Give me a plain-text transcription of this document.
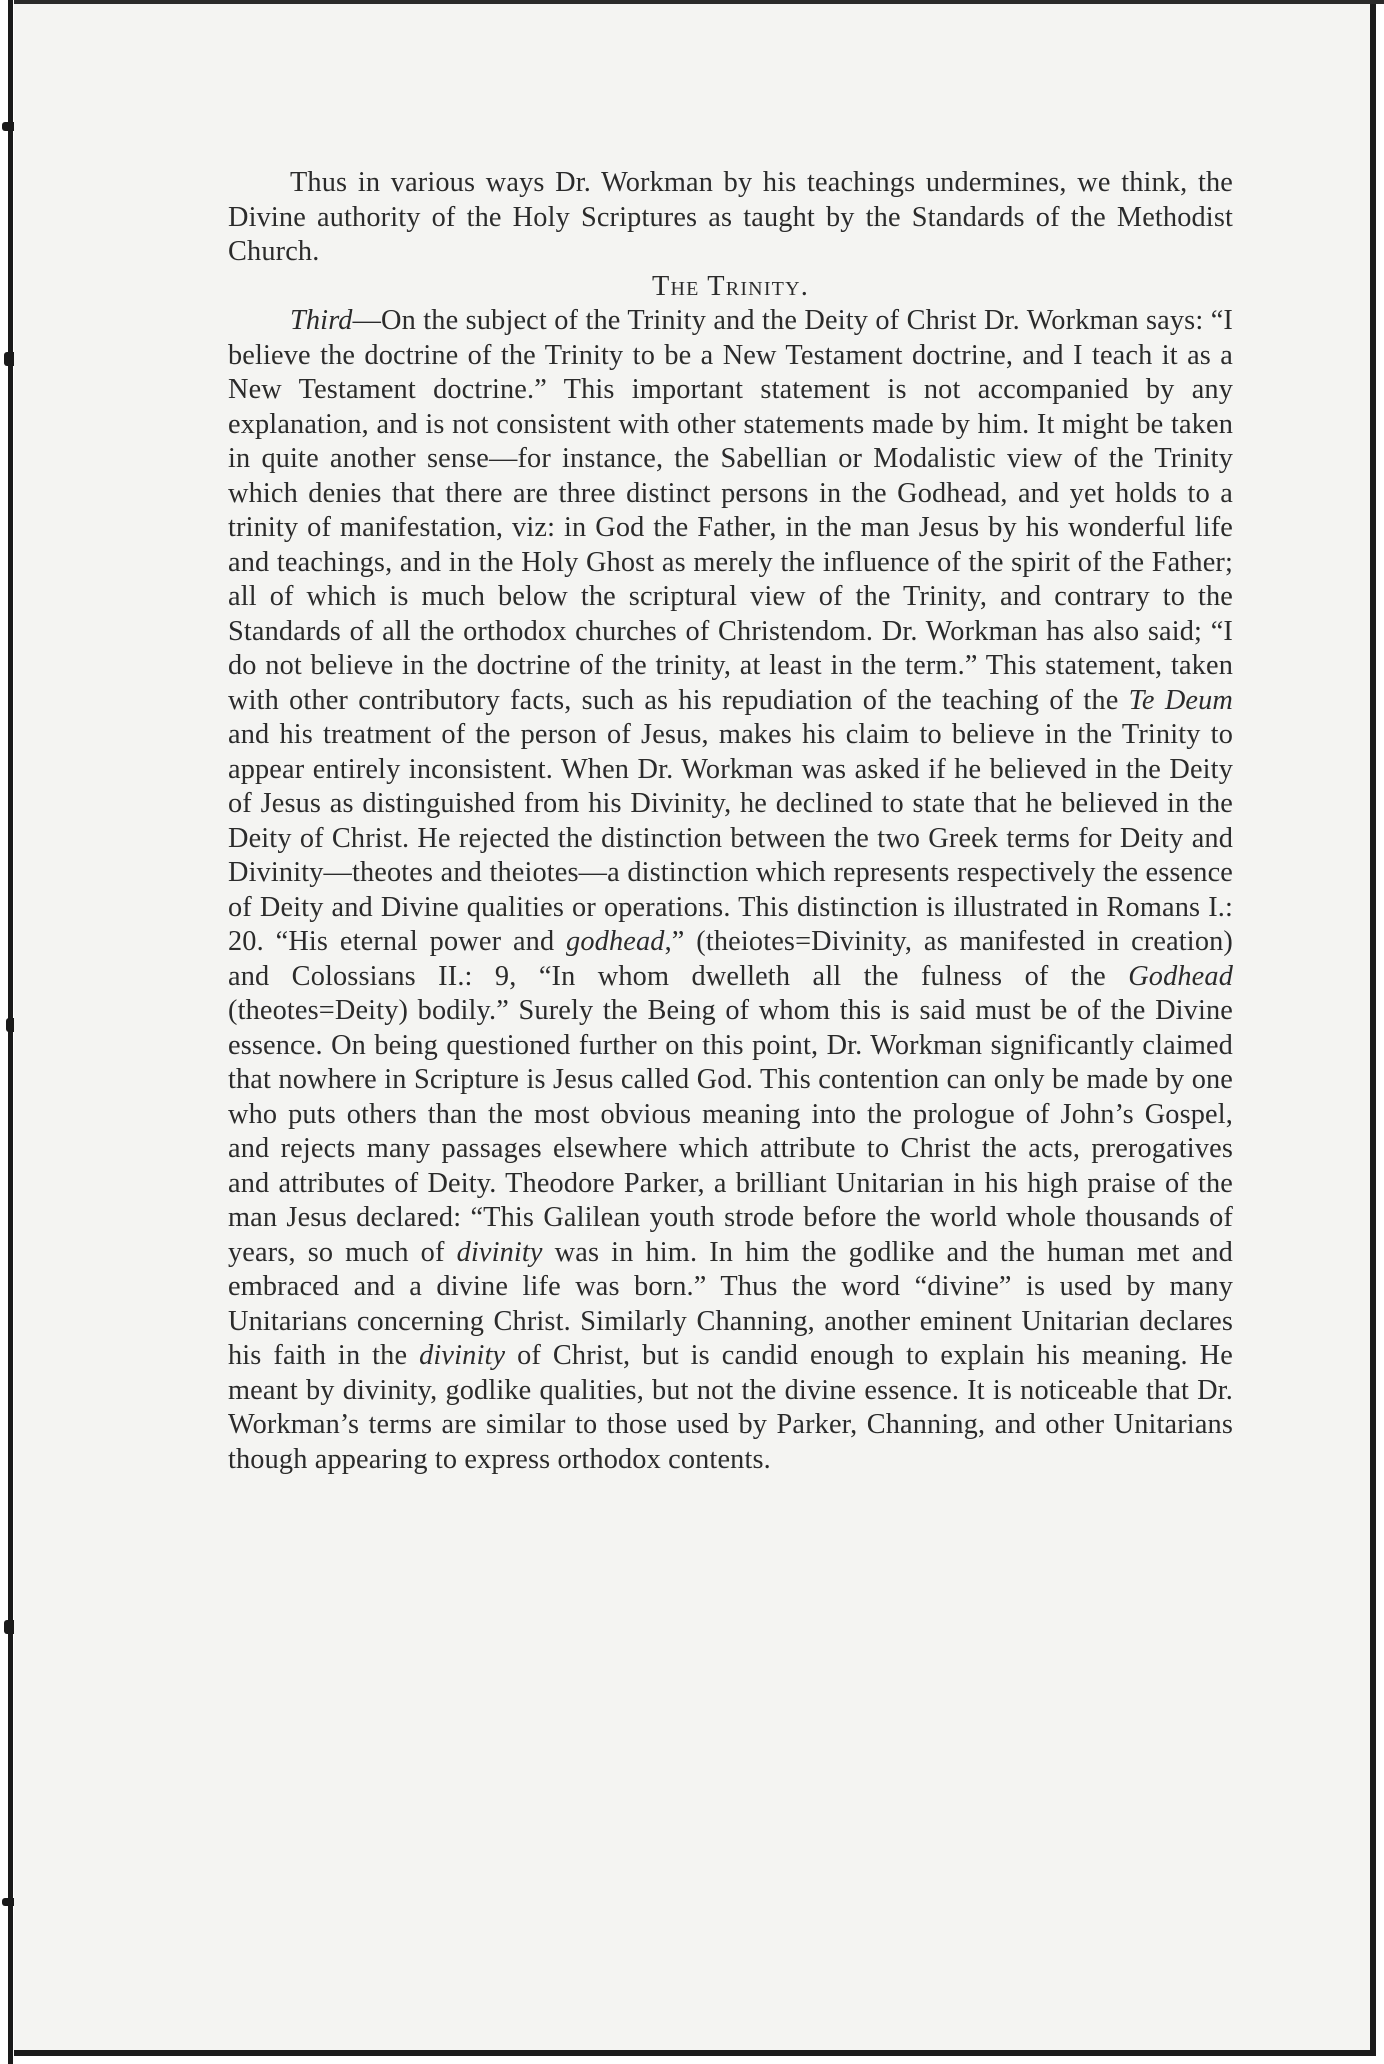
Thus in various ways Dr. Workman by his teachings undermines, we think, the Divine authority of the Holy Scriptures as taught by the Standards of the Methodist Church.

The Trinity.

Third—On the subject of the Trinity and the Deity of Christ Dr. Workman says: “I believe the doctrine of the Trinity to be a New Testament doctrine, and I teach it as a New Testament doctrine.” This important statement is not accompanied by any explanation, and is not consistent with other statements made by him. It might be taken in quite another sense—for instance, the Sabellian or Modalistic view of the Trinity which denies that there are three distinct persons in the Godhead, and yet holds to a trinity of manifestation, viz: in God the Father, in the man Jesus by his wonderful life and teachings, and in the Holy Ghost as merely the influence of the spirit of the Father; all of which is much below the scriptural view of the Trinity, and contrary to the Standards of all the orthodox churches of Christendom. Dr. Workman has also said; “I do not believe in the doctrine of the trinity, at least in the term.” This statement, taken with other contributory facts, such as his repudiation of the teaching of the Te Deum and his treatment of the person of Jesus, makes his claim to believe in the Trinity to appear entirely inconsistent. When Dr. Workman was asked if he believed in the Deity of Jesus as distinguished from his Divinity, he declined to state that he believed in the Deity of Christ. He rejected the distinction between the two Greek terms for Deity and Divinity—theotes and theiotes—a distinction which represents respectively the essence of Deity and Divine qualities or operations. This distinction is illustrated in Romans I.: 20. “His eternal power and godhead,” (theiotes=Divinity, as manifested in creation) and Colossians II.: 9, “In whom dwelleth all the fulness of the Godhead (theotes=Deity) bodily.” Surely the Being of whom this is said must be of the Divine essence. On being questioned further on this point, Dr. Workman significantly claimed that nowhere in Scripture is Jesus called God. This contention can only be made by one who puts others than the most obvious meaning into the prologue of John’s Gospel, and rejects many passages elsewhere which attribute to Christ the acts, prerogatives and attributes of Deity. Theodore Parker, a brilliant Unitarian in his high praise of the man Jesus declared: “This Galilean youth strode before the world whole thousands of years, so much of divinity was in him. In him the godlike and the human met and embraced and a divine life was born.” Thus the word “divine” is used by many Unitarians concerning Christ. Similarly Channing, another eminent Unitarian declares his faith in the divinity of Christ, but is candid enough to explain his meaning. He meant by divinity, godlike qualities, but not the divine essence. It is noticeable that Dr. Workman’s terms are similar to those used by Parker, Channing, and other Unitarians though appearing to express orthodox contents.
